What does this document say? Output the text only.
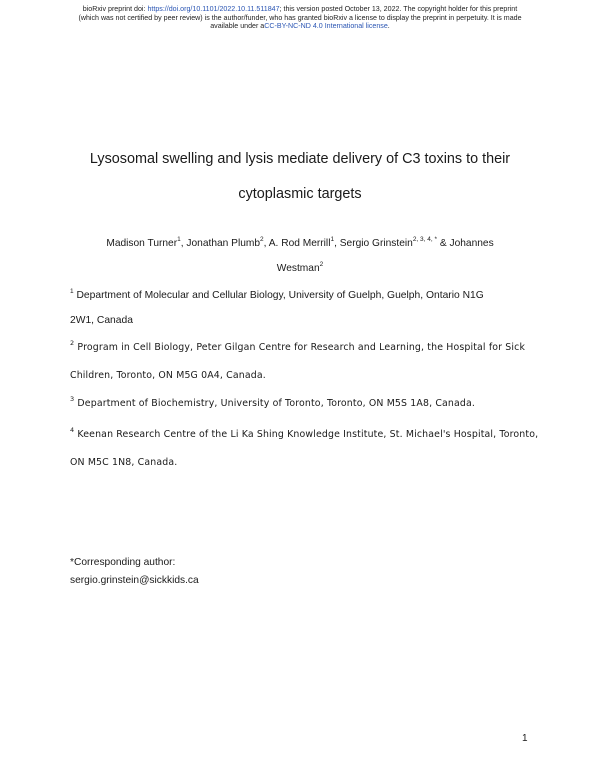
bioRxiv preprint doi: https://doi.org/10.1101/2022.10.11.511847; this version posted October 13, 2022. The copyright holder for this preprint
(which was not certified by peer review) is the author/funder, who has granted bioRxiv a license to display the preprint in perpetuity. It is made
available under aCC-BY-NC-ND 4.0 International license.
Lysosomal swelling and lysis mediate delivery of C3 toxins to their
cytoplasmic targets
Madison Turner$^1$, Jonathan Plumb$^2$, A. Rod Merrill$^1$, Sergio Grinstein$^{2, 3, 4, *}$ & Johannes
Westman$^2$
$^1$ Department of Molecular and Cellular Biology, University of Guelph, Guelph, Ontario N1G
2W1, Canada
$^2$ Program in Cell Biology, Peter Gilgan Centre for Research and Learning, the Hospital for Sick
Children, Toronto, ON M5G 0A4, Canada.
$^3$ Department of Biochemistry, University of Toronto, Toronto, ON M5S 1A8, Canada.
$^4$ Keenan Research Centre of the Li Ka Shing Knowledge Institute, St. Michael's Hospital, Toronto,
ON M5C 1N8, Canada.
*Corresponding author:
sergio.grinstein@sickkids.ca
1
